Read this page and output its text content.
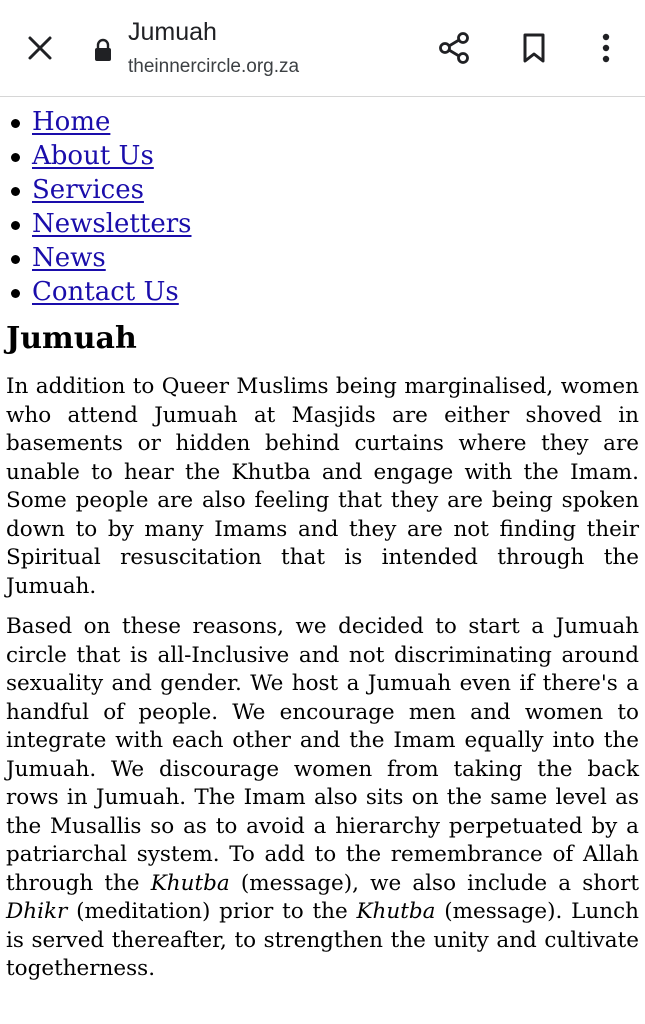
Jumuah
theinnercircle.org.za
Home
About Us
Services
Newsletters
News
Contact Us
Jumuah

In addition to Queer Muslims being marginalised, women who attend Jumuah at Masjids are either shoved in basements or hidden behind curtains where they are unable to hear the Khutba and engage with the Imam. Some people are also feeling that they are being spoken down to by many Imams and they are not finding their Spiritual resuscitation that is intended through the Jumuah.

Based on these reasons, we decided to start a Jumuah circle that is all-Inclusive and not discriminating around sexuality and gender. We host a Jumuah even if there's a handful of people. We encourage men and women to integrate with each other and the Imam equally into the Jumuah. We discourage women from taking the back rows in Jumuah. The Imam also sits on the same level as the Musallis so as to avoid a hierarchy perpetuated by a patriarchal system. To add to the remembrance of Allah through the Khutba (message), we also include a short Dhikr (meditation) prior to the Khutba (message). Lunch is served thereafter, to strengthen the unity and cultivate togetherness.
